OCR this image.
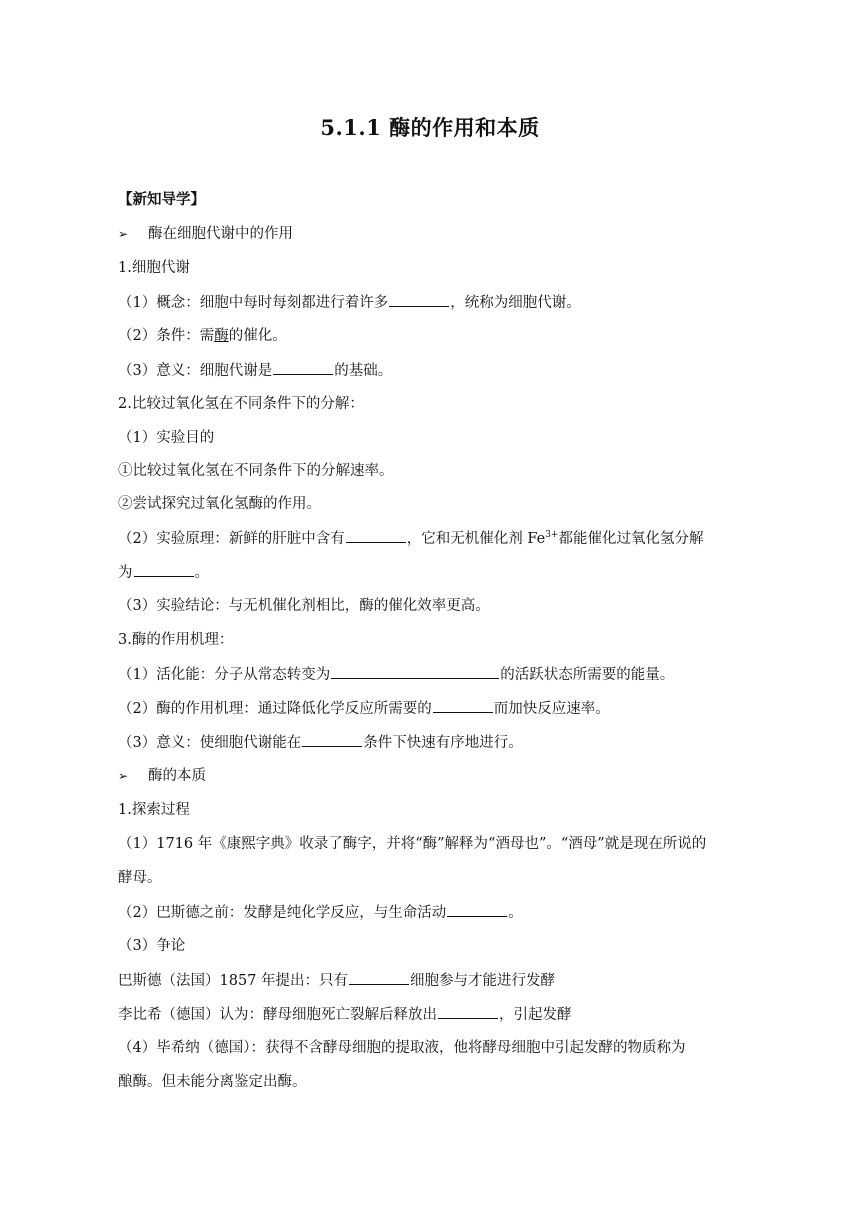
5.1.1 酶的作用和本质
【新知导学】
➢ 酶在细胞代谢中的作用
1.细胞代谢
（1）概念：细胞中每时每刻都进行着许多	，统称为细胞代谢。
（2）条件：需酶的催化。
（3）意义：细胞代谢是	的基础。
2.比较过氧化氢在不同条件下的分解：
（1）实验目的
①比较过氧化氢在不同条件下的分解速率。
②尝试探究过氧化氢酶的作用。
（2）实验原理：新鲜的肝脏中含有	，它和无机催化剂 $Fe^{3+}$都能催化过氧化氢分解
为	。
（3）实验结论：与无机催化剂相比，酶的催化效率更高。
3.酶的作用机理：
（1）活化能：分子从常态转变为	的活跃状态所需要的能量。
（2）酶的作用机理：通过降低化学反应所需要的	而加快反应速率。
（3）意义：使细胞代谢能在	条件下快速有序地进行。
➢ 酶的本质
1.探索过程
（1）1716 年《康熙字典》收录了酶字，并将“酶”解释为“酒母也”。“酒母”就是现在所说的
酵母。
（2）巴斯德之前：发酵是纯化学反应，与生命活动	。
（3）争论
巴斯德（法国）1857 年提出：只有	细胞参与才能进行发酵
李比希（德国）认为：酵母细胞死亡裂解后释放出	，引起发酵
（4）毕希纳（德国）：获得不含酵母细胞的提取液，他将酵母细胞中引起发酵的物质称为
酿酶。但未能分离鉴定出酶。
